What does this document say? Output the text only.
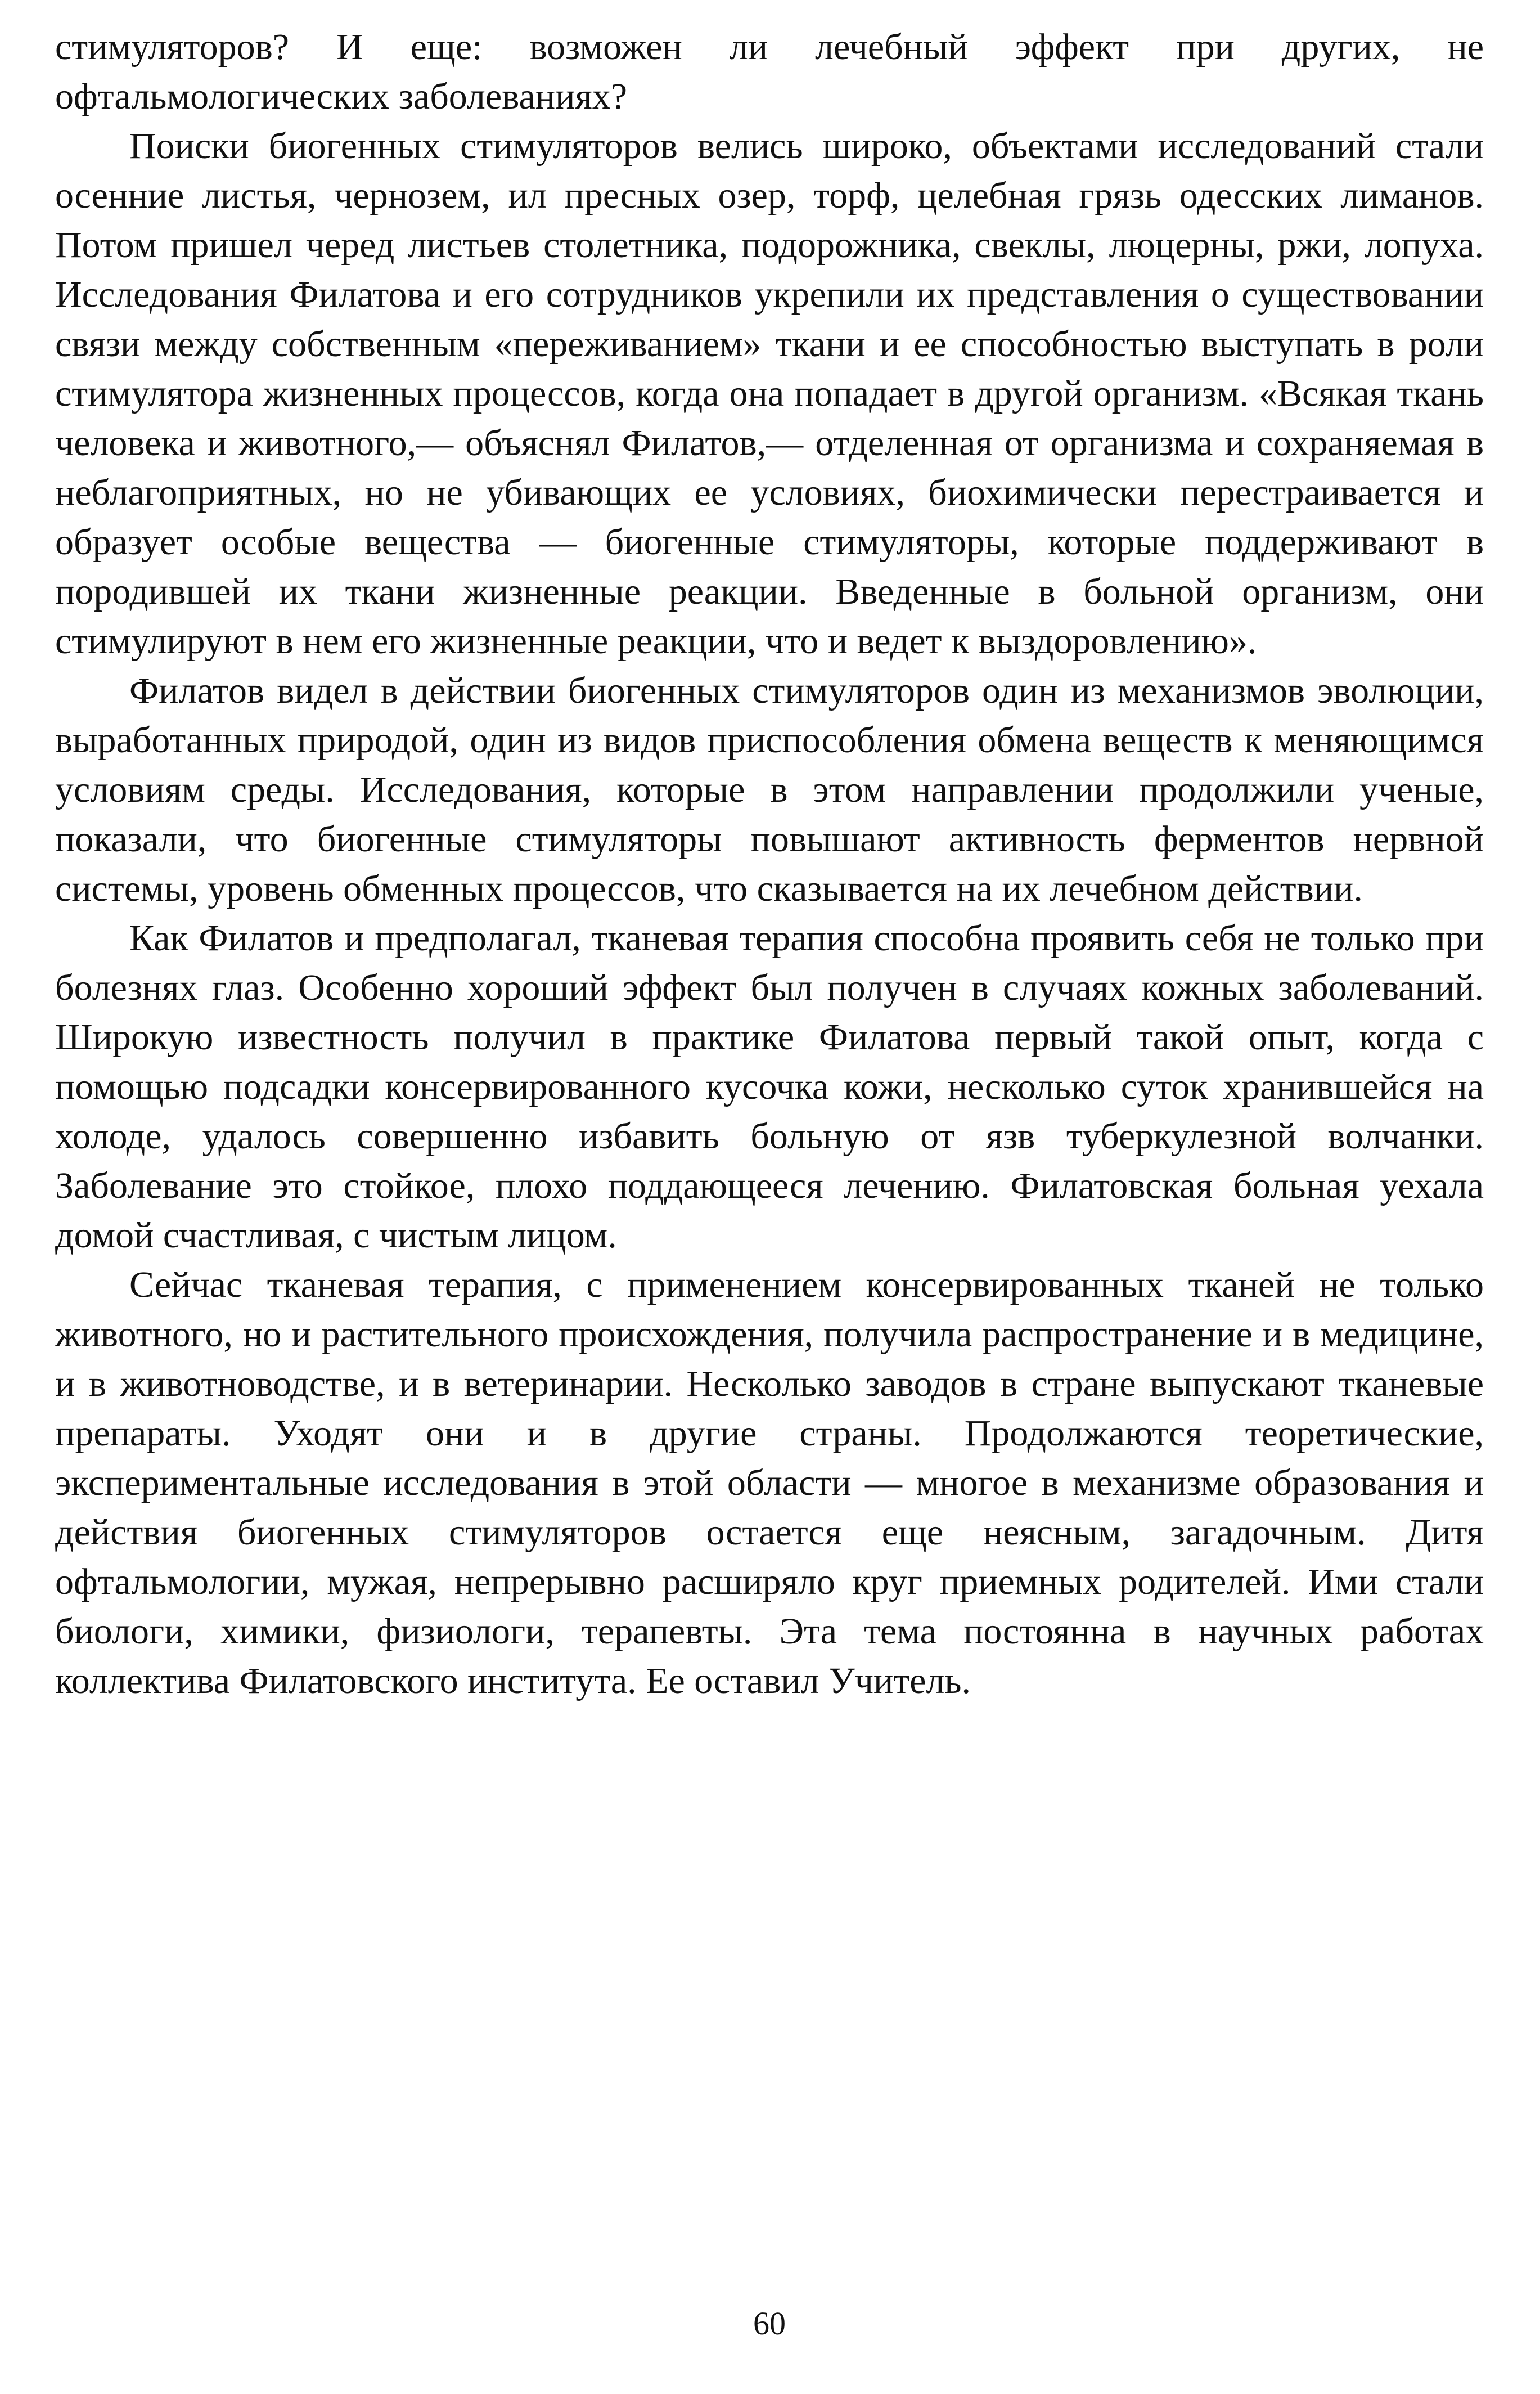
стимуляторов? И еще: возможен ли лечебный эффект при других, не офтальмологических заболеваниях?

Поиски биогенных стимуляторов велись широко, объектами исследований стали осенние листья, чернозем, ил пресных озер, торф, целебная грязь одесских лиманов. Потом пришел черед листьев столетника, подорожника, свеклы, люцерны, ржи, лопуха. Исследования Филатова и его сотрудников укрепили их представления о существовании связи между собственным «переживанием» ткани и ее способностью выступать в роли стимулятора жизненных процессов, когда она попадает в другой организм. «Всякая ткань человека и животного,— объяснял Филатов,— отделенная от организма и сохраняемая в неблагоприятных, но не убивающих ее условиях, биохимически перестраивается и образует особые вещества — биогенные стимуляторы, которые поддерживают в породившей их ткани жизненные реакции. Введенные в больной организм, они стимулируют в нем его жизненные реакции, что и ведет к выздоровлению».

Филатов видел в действии биогенных стимуляторов один из механизмов эволюции, выработанных природой, один из видов приспособления обмена веществ к меняющимся условиям среды. Исследования, которые в этом направлении продолжили ученые, показали, что биогенные стимуляторы повышают активность ферментов нервной системы, уровень обменных процессов, что сказывается на их лечебном действии.

Как Филатов и предполагал, тканевая терапия способна проявить себя не только при болезнях глаз. Особенно хороший эффект был получен в случаях кожных заболеваний. Широкую известность получил в практике Филатова первый такой опыт, когда с помощью подсадки консервированного кусочка кожи, несколько суток хранившейся на холоде, удалось совершенно избавить больную от язв туберкулезной волчанки. Заболевание это стойкое, плохо поддающееся лечению. Филатовская больная уехала домой счастливая, с чистым лицом.

Сейчас тканевая терапия, с применением консервированных тканей не только животного, но и растительного происхождения, получила распространение и в медицине, и в животноводстве, и в ветеринарии. Несколько заводов в стране выпускают тканевые препараты. Уходят они и в другие страны. Продолжаются теоретические, экспериментальные исследования в этой области — многое в механизме образования и действия биогенных стимуляторов остается еще неясным, загадочным. Дитя офтальмологии, мужая, непрерывно расширяло круг приемных родителей. Ими стали биологи, химики, физиологи, терапевты. Эта тема постоянна в научных работах коллектива Филатовского института. Ее оставил Учитель.

60
